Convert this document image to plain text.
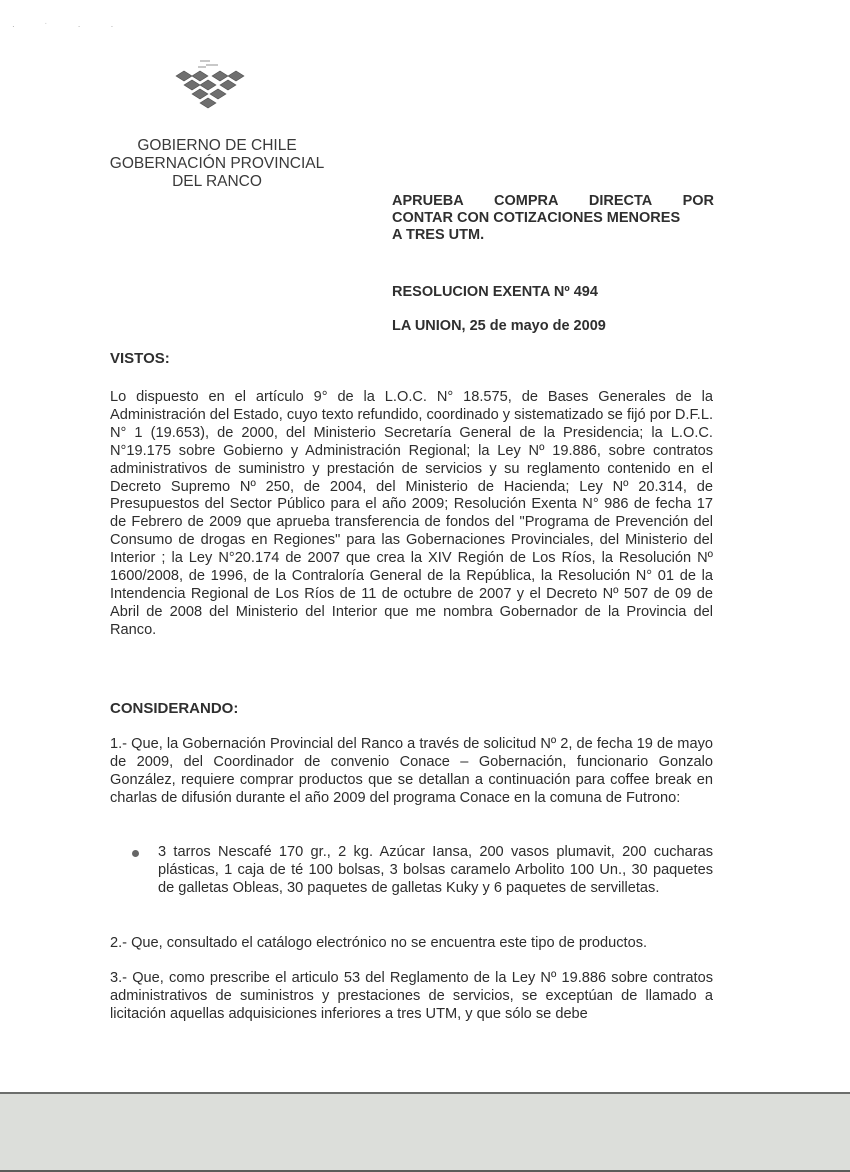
· ˙ · ·
GOBIERNO DE CHILE
GOBERNACIÓN PROVINCIAL
DEL RANCO
APRUEBA COMPRA DIRECTA POR
CONTAR CON COTIZACIONES MENORES
A TRES UTM.
RESOLUCION EXENTA Nº 494
LA UNION, 25 de mayo de 2009
VISTOS:
Lo dispuesto en el artículo 9° de la L.O.C. N° 18.575, de Bases Generales de la Administración del Estado, cuyo texto refundido, coordinado y sistematizado se fijó por D.F.L. N° 1 (19.653), de 2000, del Ministerio Secretaría General de la Presidencia; la L.O.C. N°19.175 sobre Gobierno y Administración Regional; la Ley Nº 19.886, sobre contratos administrativos de suministro y prestación de servicios y su reglamento contenido en el Decreto Supremo Nº 250, de 2004, del Ministerio de Hacienda; Ley Nº 20.314, de Presupuestos del Sector Público para el año 2009; Resolución Exenta N° 986 de fecha 17 de Febrero de 2009 que aprueba transferencia de fondos del "Programa de Prevención del Consumo de drogas en Regiones" para las Gobernaciones Provinciales, del Ministerio del Interior ; la Ley N°20.174 de 2007 que crea la XIV Región de Los Ríos, la Resolución Nº 1600/2008, de 1996, de la Contraloría General de la República, la Resolución N° 01 de la Intendencia Regional de Los Ríos de 11 de octubre de 2007 y el Decreto Nº 507 de 09 de Abril de 2008 del Ministerio del Interior que me nombra Gobernador de la Provincia del Ranco.
CONSIDERANDO:
1.- Que, la Gobernación Provincial del Ranco a través de solicitud Nº 2, de fecha 19 de mayo de 2009, del Coordinador de convenio Conace – Gobernación, funcionario Gonzalo González, requiere comprar productos que se detallan a continuación para coffee break en charlas de difusión durante el año 2009 del programa Conace en la comuna de Futrono:
3 tarros Nescafé 170 gr., 2 kg. Azúcar Iansa, 200 vasos plumavit, 200 cucharas plásticas, 1 caja de té 100 bolsas, 3 bolsas caramelo Arbolito 100 Un., 30 paquetes de galletas Obleas, 30 paquetes de galletas Kuky y 6 paquetes de servilletas.
2.- Que, consultado el catálogo electrónico no se encuentra este tipo de productos.
3.- Que, como prescribe el articulo 53 del Reglamento de la Ley Nº 19.886 sobre contratos administrativos de suministros y prestaciones de servicios, se exceptúan de llamado a licitación aquellas adquisiciones inferiores a tres UTM, y que sólo se debe
